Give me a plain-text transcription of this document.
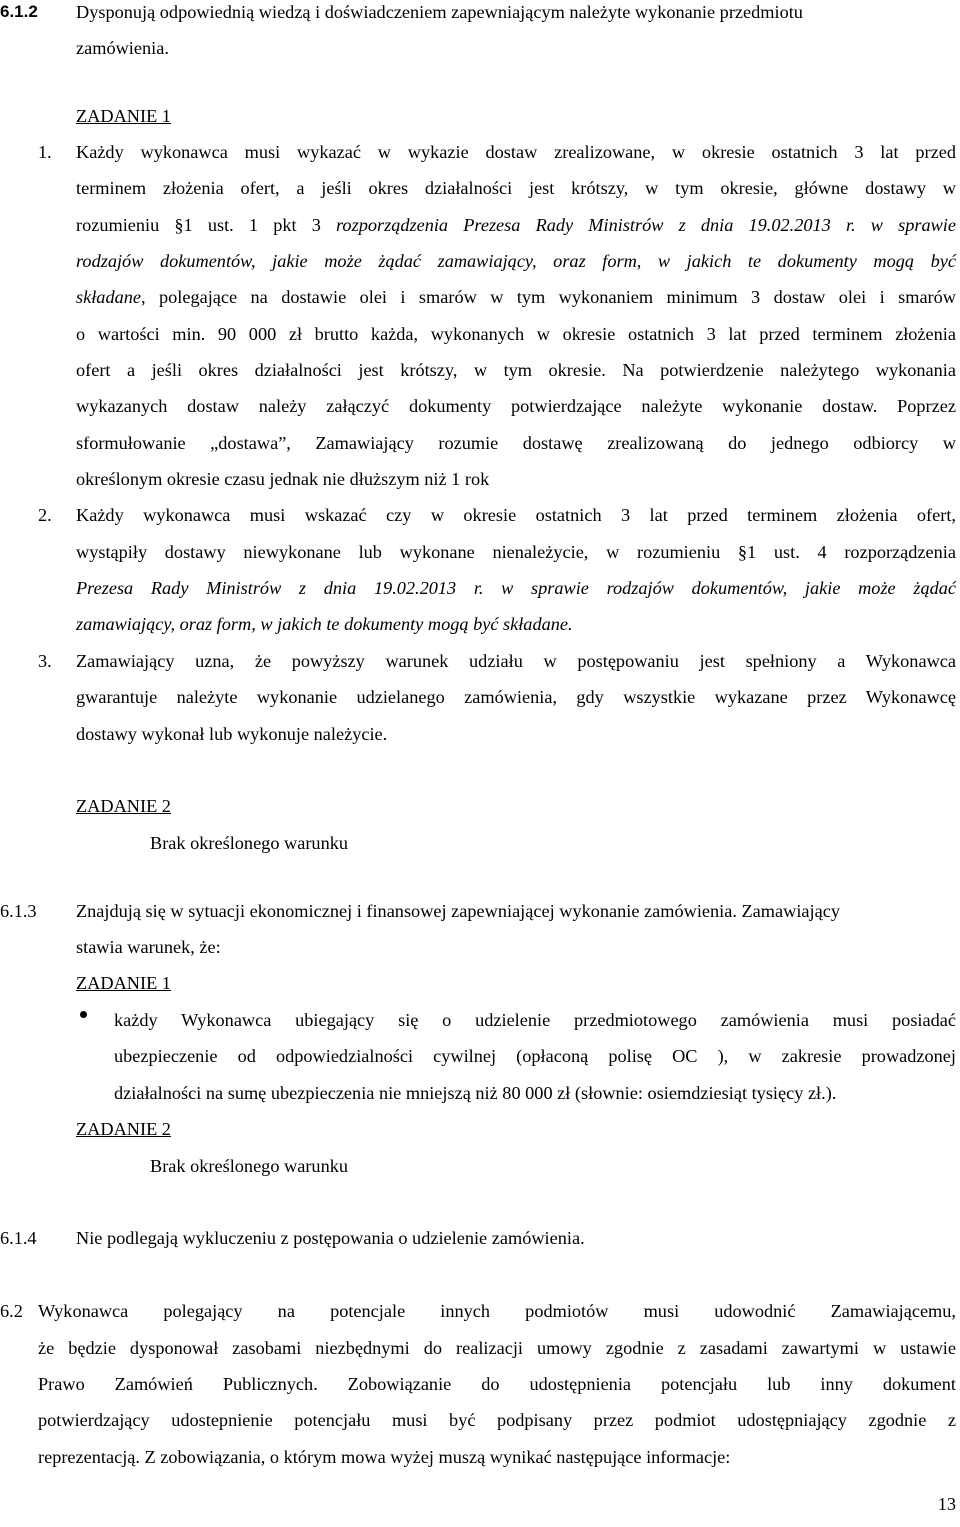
6.1.2 Dysponują odpowiednią wiedzą i doświadczeniem zapewniającym należyte wykonanie przedmiotu
zamówienia.
ZADANIE 1
1. Każdy wykonawca musi wykazać w wykazie dostaw zrealizowane, w okresie ostatnich 3 lat przed
terminem złożenia ofert, a jeśli okres działalności jest krótszy, w tym okresie, główne dostawy w
rozumieniu §1 ust. 1 pkt 3 rozporządzenia Prezesa Rady Ministrów z dnia 19.02.2013 r. w sprawie
rodzajów dokumentów, jakie może żądać zamawiający, oraz form, w jakich te dokumenty mogą być
składane, polegające na dostawie olei i smarów w tym wykonaniem minimum 3 dostaw olei i smarów
o wartości min. 90 000 zł brutto każda, wykonanych w okresie ostatnich 3 lat przed terminem złożenia
ofert a jeśli okres działalności jest krótszy, w tym okresie. Na potwierdzenie należytego wykonania
wykazanych dostaw należy załączyć dokumenty potwierdzające należyte wykonanie dostaw. Poprzez
sformułowanie „dostawa”, Zamawiający rozumie dostawę zrealizowaną do jednego odbiorcy w
określonym okresie czasu jednak nie dłuższym niż 1 rok
2. Każdy wykonawca musi wskazać czy w okresie ostatnich 3 lat przed terminem złożenia ofert,
wystąpiły dostawy niewykonane lub wykonane nienależycie, w rozumieniu §1 ust. 4 rozporządzenia
Prezesa Rady Ministrów z dnia 19.02.2013 r. w sprawie rodzajów dokumentów, jakie może żądać
zamawiający, oraz form, w jakich te dokumenty mogą być składane.
3. Zamawiający uzna, że powyższy warunek udziału w postępowaniu jest spełniony a Wykonawca
gwarantuje należyte wykonanie udzielanego zamówienia, gdy wszystkie wykazane przez Wykonawcę
dostawy wykonał lub wykonuje należycie.
ZADANIE 2
Brak określonego warunku
6.1.3 Znajdują się w sytuacji ekonomicznej i finansowej zapewniającej wykonanie zamówienia. Zamawiający
stawia warunek, że:
ZADANIE 1
każdy Wykonawca ubiegający się o udzielenie przedmiotowego zamówienia musi posiadać
ubezpieczenie od odpowiedzialności cywilnej (opłaconą polisę OC ), w zakresie prowadzonej
działalności na sumę ubezpieczenia nie mniejszą niż 80 000 zł (słownie: osiemdziesiąt tysięcy zł.).
ZADANIE 2
Brak określonego warunku
6.1.4 Nie podlegają wykluczeniu z postępowania o udzielenie zamówienia.
6.2 Wykonawca polegający na potencjale innych podmiotów musi udowodnić Zamawiającemu,
że będzie dysponował zasobami niezbędnymi do realizacji umowy zgodnie z zasadami zawartymi w ustawie
Prawo Zamówień Publicznych. Zobowiązanie do udostępnienia potencjału lub inny dokument
potwierdzający udostepnienie potencjału musi być podpisany przez podmiot udostępniający zgodnie z
reprezentacją. Z zobowiązania, o którym mowa wyżej muszą wynikać następujące informacje:
13
